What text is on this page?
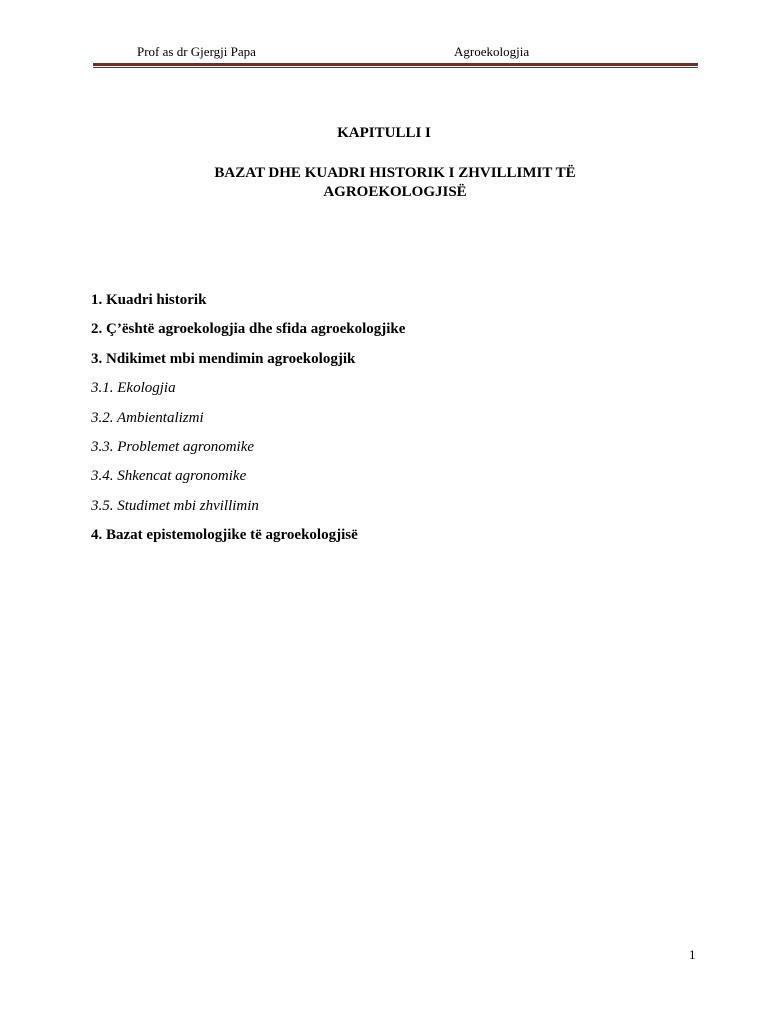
Prof as dr Gjergji Papa	Agroekologjia
KAPITULLI I
BAZAT DHE KUADRI HISTORIK I ZHVILLIMIT TË
AGROEKOLOGJISË
1. Kuadri historik
2. Ç’është agroekologjia dhe sfida agroekologjike
3. Ndikimet mbi mendimin agroekologjik
3.1. Ekologjia
3.2. Ambientalizmi
3.3. Problemet agronomike
3.4. Shkencat agronomike
3.5. Studimet mbi zhvillimin
4. Bazat epistemologjike të agroekologjisë
1
